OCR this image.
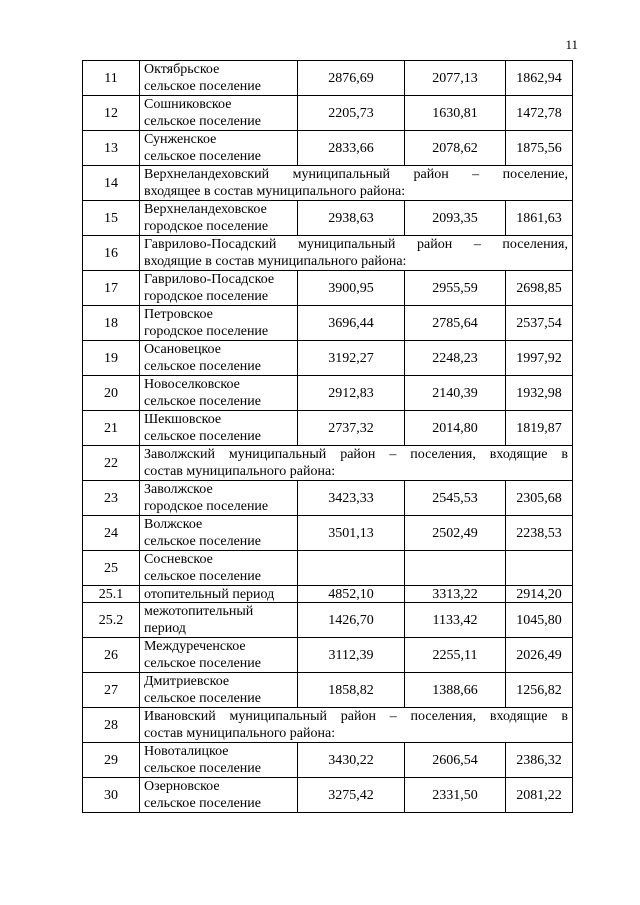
11
11	Октябрьское
сельское поселение	2876,69	2077,13	1862,94
12	Сошниковское
сельское поселение	2205,73	1630,81	1472,78
13	Сунженское
сельское поселение	2833,66	2078,62	1875,56
14	Верхнеландеховский муниципальный район – поселение,
входящее в состав муниципального района:			

15	Верхнеландеховское
городское поселение	2938,63	2093,35	1861,63
16	Гаврилово-Посадский муниципальный район – поселения,
входящие в состав муниципального района:			

17	Гаврилово-Посадское
городское поселение	3900,95	2955,59	2698,85
18	Петровское
городское поселение	3696,44	2785,64	2537,54
19	Осановецкое
сельское поселение	3192,27	2248,23	1997,92
20	Новоселковское
сельское поселение	2912,83	2140,39	1932,98
21	Шекшовское
сельское поселение	2737,32	2014,80	1819,87
22	Заволжский муниципальный район – поселения, входящие в
состав муниципального района:			

23	Заволжское
городское поселение	3423,33	2545,53	2305,68
24	Волжское
сельское поселение	3501,13	2502,49	2238,53
25	Сосневское
сельское поселение			

25.1	отопительный период	4852,10	3313,22	2914,20
25.2	межотопительный
период	1426,70	1133,42	1045,80
26	Междуреченское
сельское поселение	3112,39	2255,11	2026,49
27	Дмитриевское
сельское поселение	1858,82	1388,66	1256,82
28	Ивановский муниципальный район – поселения, входящие в
состав муниципального района:			

29	Новоталицкое
сельское поселение	3430,22	2606,54	2386,32
30	Озерновское
сельское поселение	3275,42	2331,50	2081,22
